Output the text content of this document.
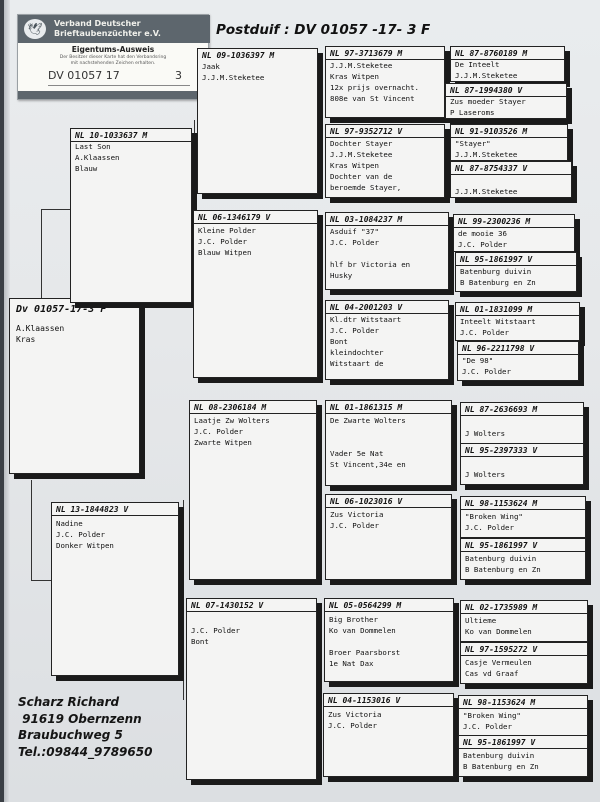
Postduif : DV 01057 -17- 3 F
🕊	Verband Deutscher
Brieftaubenzüchter e.V.
Eigentums-Ausweis
Der Besitzer dieser Karte hat den Verbandsring
mit nachstehenden Zeichen erhalten.
DV 01057 17	3
Dv 01057-17-3 F
A.Klaassen
Kras
NL 10-1033637 M
Last Son
A.Klaassen
Blauw
NL 13-1844823 V
Nadine
J.C. Polder
Donker Witpen
NL 09-1036397 M
Jaak
J.J.M.Steketee
NL 06-1346179 V
Kleine Polder
J.C. Polder
Blauw Witpen
NL 08-2306184 M
Laatje Zw Wolters
J.C. Polder
Zwarte Witpen
NL 07-1430152 V
J.C. Polder
Bont
NL 97-3713679 M
J.J.M.Steketee
Kras Witpen
12x prijs overnacht.
808e van St Vincent
NL 97-9352712 V
Dochter Stayer
J.J.M.Steketee
Kras Witpen
Dochter van de
beroemde Stayer,
NL 03-1084237 M
Asduif "37"
J.C. Polder
hlf br Victoria en
Husky
NL 04-2001203 V
Kl.dtr Witstaart
J.C. Polder
Bont
kleindochter
Witstaart de
NL 01-1861315 M
De Zwarte Wolters
Vader 5e Nat
St Vincent,34e en
NL 06-1023016 V
Zus Victoria
J.C. Polder
NL 05-0564299 M
Big Brother
Ko van Dommelen
Broer Paarsborst
1e Nat Dax
NL 04-1153016 V
Zus Victoria
J.C. Polder
NL 87-8760189 M
De Inteelt
J.J.M.Steketee
NL 87-1994380 V
Zus moeder Stayer
P Laseroms
NL 91-9103526 M
"Stayer"
J.J.M.Steketee
NL 87-8754337 V
J.J.M.Steketee
NL 99-2300236 M
de mooie 36
J.C. Polder
NL 95-1861997 V
Batenburg duivin
B Batenburg en Zn
NL 01-1831099 M
Inteelt Witstaart
J.C. Polder
NL 96-2211798 V
"De 98"
J.C. Polder
NL 87-2636693 M
J Wolters
NL 95-2397333 V
J Wolters
NL 98-1153624 M
"Broken Wing"
J.C. Polder
NL 95-1861997 V
Batenburg duivin
B Batenburg en Zn
NL 02-1735989 M
Ultieme
Ko van Dommelen
NL 97-1595272 V
Casje Vermeulen
Cas vd Graaf
NL 98-1153624 M
"Broken Wing"
J.C. Polder
NL 95-1861997 V
Batenburg duivin
B Batenburg en Zn
Scharz Richard
91619 Obernzenn
Braubuchweg 5
Tel.:09844_9789650
